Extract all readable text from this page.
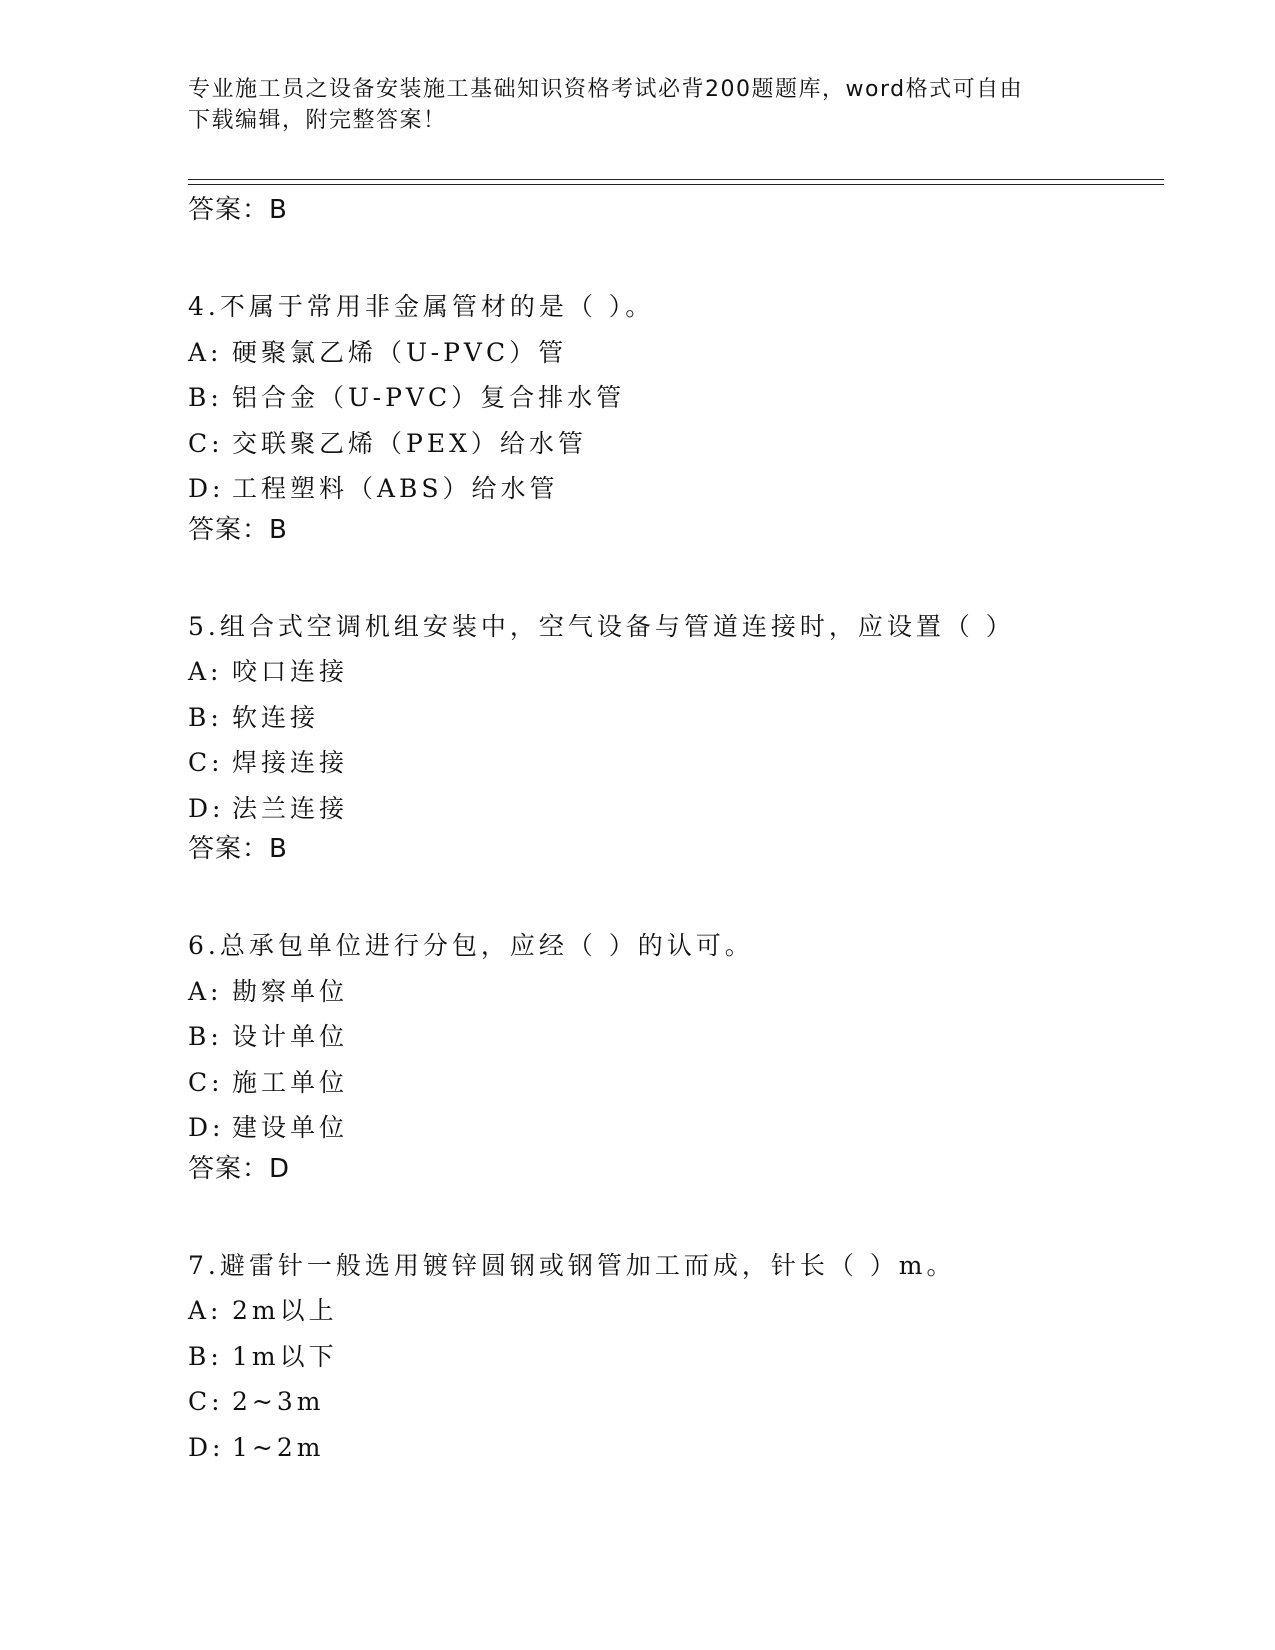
专业施工员之设备安装施工基础知识资格考试必背200题题库，word格式可自由
下载编辑，附完整答案！
答案：B
4.不属于常用非金属管材的是（ ）。
A: 硬聚氯乙烯（U-PVC）管
B: 铝合金（U-PVC）复合排水管
C: 交联聚乙烯（PEX）给水管
D: 工程塑料（ABS）给水管
答案：B
5.组合式空调机组安装中，空气设备与管道连接时，应设置（ ）
A: 咬口连接
B: 软连接
C: 焊接连接
D: 法兰连接
答案：B
6.总承包单位进行分包，应经（ ）的认可。
A: 勘察单位
B: 设计单位
C: 施工单位
D: 建设单位
答案：D
7.避雷针一般选用镀锌圆钢或钢管加工而成，针长（ ）m。
A: 2m以上
B: 1m以下
C: 2~3m
D: 1~2m
